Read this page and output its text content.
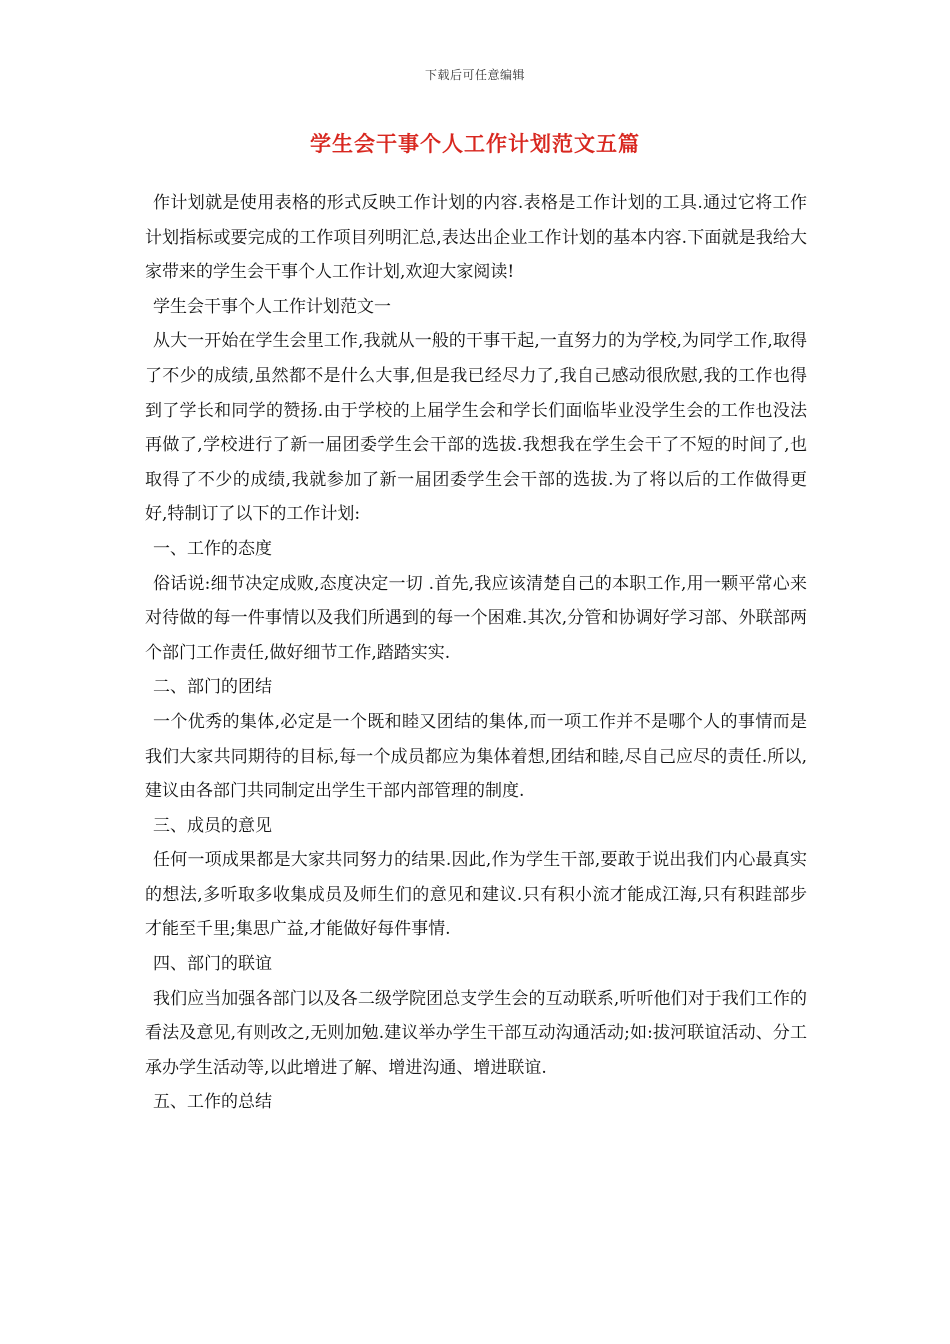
下载后可任意编辑
学生会干事个人工作计划范文五篇

作计划就是使用表格的形式反映工作计划的内容.表格是工作计划的工具.通过它将工作计划指标或要完成的工作项目列明汇总,表达出企业工作计划的基本内容.下面就是我给大家带来的学生会干事个人工作计划,欢迎大家阅读!

学生会干事个人工作计划范文一

从大一开始在学生会里工作,我就从一般的干事干起,一直努力的为学校,为同学工作,取得了不少的成绩,虽然都不是什么大事,但是我已经尽力了,我自己感动很欣慰,我的工作也得到了学长和同学的赞扬.由于学校的上届学生会和学长们面临毕业没学生会的工作也没法再做了,学校进行了新一届团委学生会干部的选拔.我想我在学生会干了不短的时间了,也取得了不少的成绩,我就参加了新一届团委学生会干部的选拔.为了将以后的工作做得更好,特制订了以下的工作计划:

一、工作的态度

俗话说:细节决定成败,态度决定一切 .首先,我应该清楚自己的本职工作,用一颗平常心来对待做的每一件事情以及我们所遇到的每一个困难.其次,分管和协调好学习部、外联部两个部门工作责任,做好细节工作,踏踏实实.

二、部门的团结

一个优秀的集体,必定是一个既和睦又团结的集体,而一项工作并不是哪个人的事情而是我们大家共同期待的目标,每一个成员都应为集体着想,团结和睦,尽自己应尽的责任.所以,建议由各部门共同制定出学生干部内部管理的制度.

三、成员的意见

任何一项成果都是大家共同努力的结果.因此,作为学生干部,要敢于说出我们内心最真实的想法,多听取多收集成员及师生们的意见和建议.只有积小流才能成江海,只有积跬部步才能至千里;集思广益,才能做好每件事情.

四、部门的联谊

我们应当加强各部门以及各二级学院团总支学生会的互动联系,听听他们对于我们工作的看法及意见,有则改之,无则加勉.建议举办学生干部互动沟通活动;如:拔河联谊活动、分工承办学生活动等,以此增进了解、增进沟通、增进联谊.

五、工作的总结
